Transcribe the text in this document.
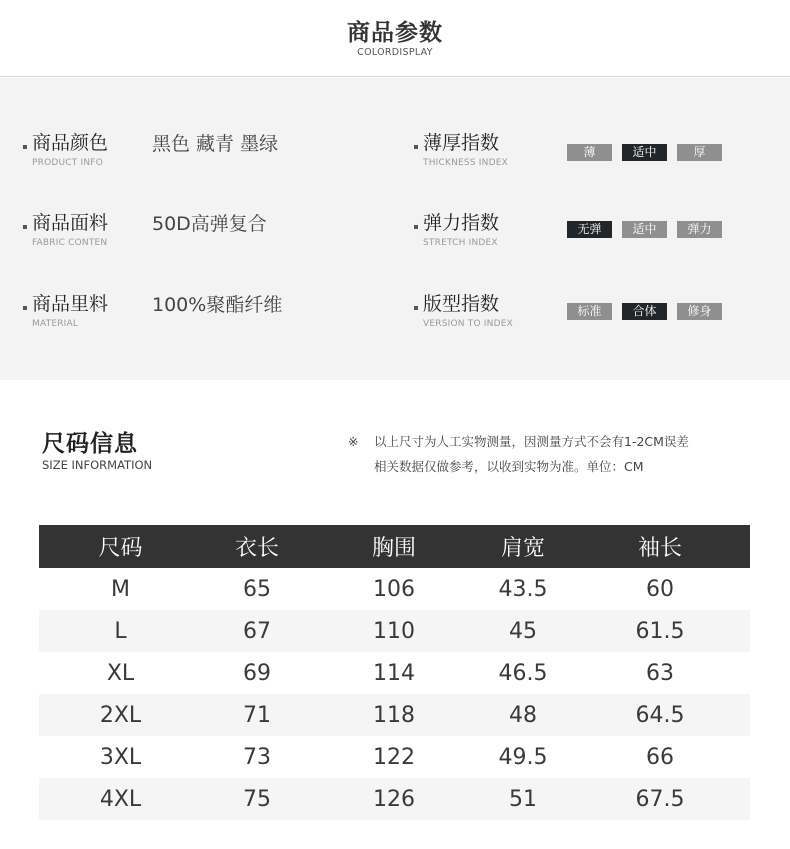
商品参数
COLORDISPLAY
商品颜色
PRODUCT INFO
黑色 藏青 墨绿
商品面料
FABRIC CONTEN
50D高弹复合
商品里料
MATERIAL
100%聚酯纤维
薄厚指数
THICKNESS INDEX
薄	适中	厚
弹力指数
STRETCH INDEX
无弹	适中	弹力
版型指数
VERSION TO INDEX
标准	合体	修身
尺码信息
SIZE INFORMATION
※ 以上尺寸为人工实物测量，因测量方式不会有1-2CM误差
相关数据仅做参考，以收到实物为准。单位：CM
尺码	衣长	胸围	肩宽	袖长
M	65	106	43.5	60
L	67	110	45	61.5
XL	69	114	46.5	63
2XL	71	118	48	64.5
3XL	73	122	49.5	66
4XL	75	126	51	67.5
